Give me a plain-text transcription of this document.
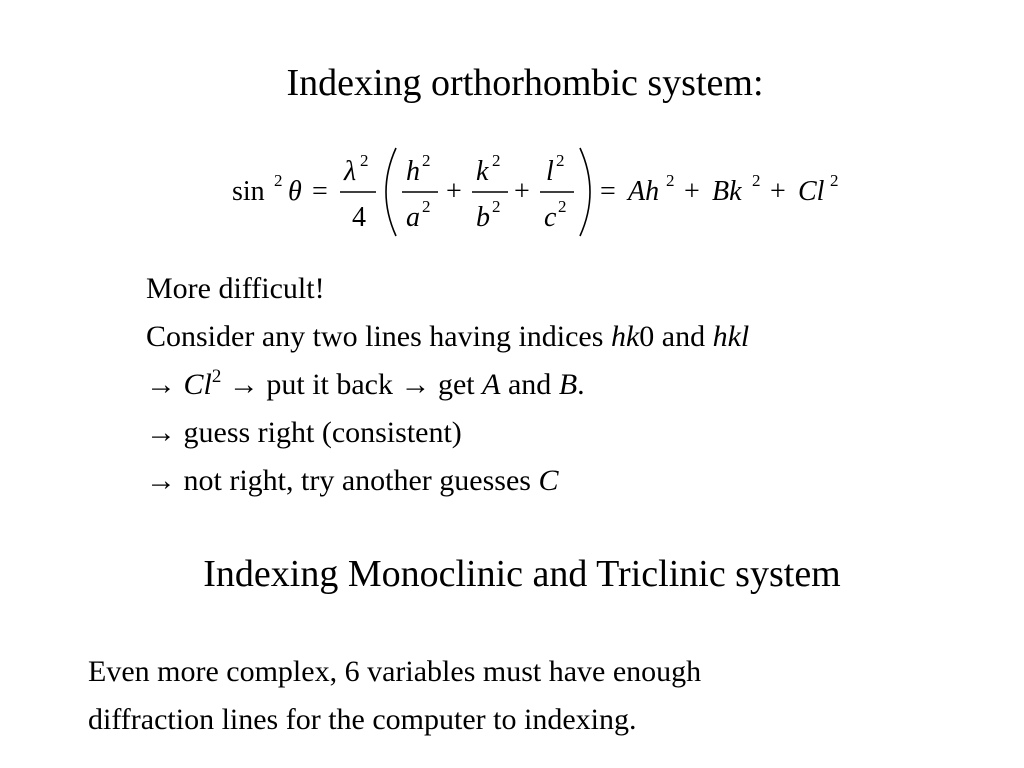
Indexing orthorhombic system:
sin 2 θ =
λ 2
4
h 2
a 2 +
k 2
b 2 +
l 2
c 2 = Ah 2 + Bk 2 + Cl 2
More difficult!
Consider any two lines having indices hk0 and hkl
→ $Cl^2$ → put it back → get A and B.
→ guess right (consistent)
→ not right, try another guesses C
Indexing Monoclinic and Triclinic system
Even more complex, 6 variables must have enough
diffraction lines for the computer to indexing.
